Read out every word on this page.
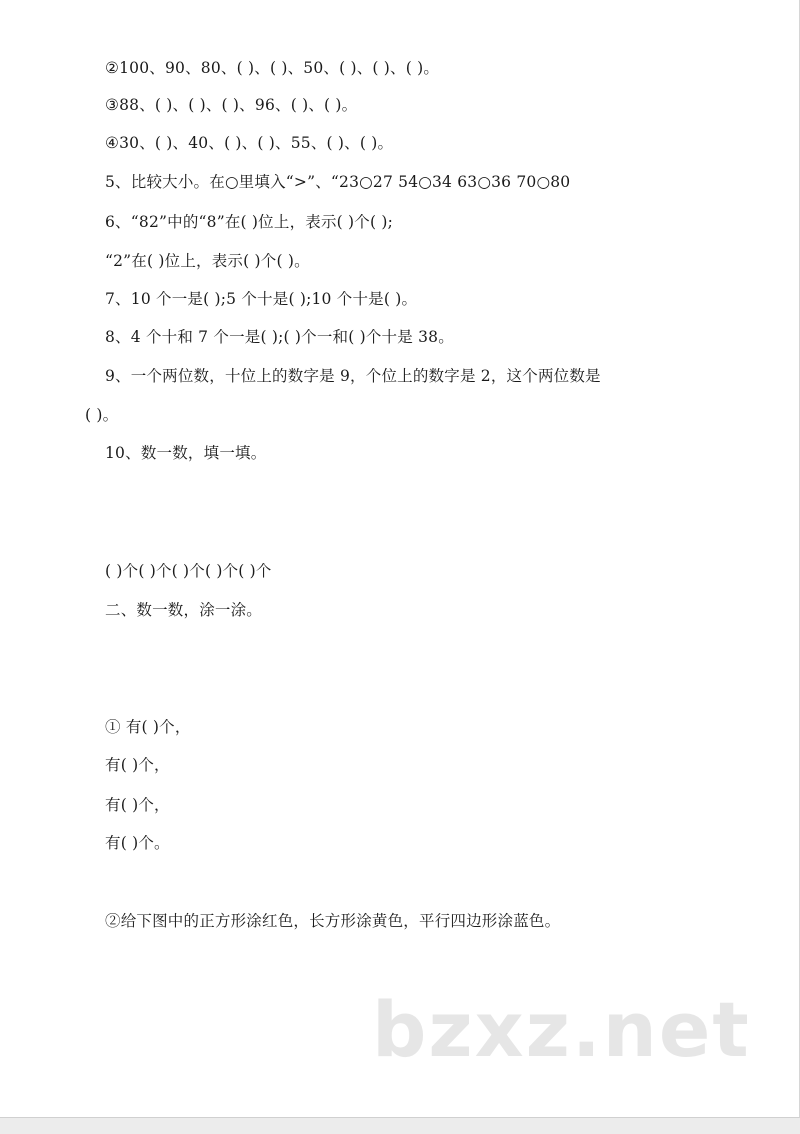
②100、90、80、( )、( )、50、( )、( )、( )。
③88、( )、( )、( )、96、( )、( )。
④30、( )、40、( )、( )、55、( )、( )。
5、比较大小。在○里填入“>”、“23○27 54○34 63○36 70○80
6、“82”中的“8”在( )位上，表示( )个( );
“2”在( )位上，表示( )个( )。
7、10 个一是( );5 个十是( );10 个十是( )。
8、4 个十和 7 个一是( );( )个一和( )个十是 38。
9、一个两位数，十位上的数字是 9，个位上的数字是 2，这个两位数是
( )。
10、数一数，填一填。
( )个( )个( )个( )个( )个
二、数一数，涂一涂。
① 有( )个，
有( )个，
有( )个，
有( )个。
②给下图中的正方形涂红色，长方形涂黄色，平行四边形涂蓝色。
bzxz.net
